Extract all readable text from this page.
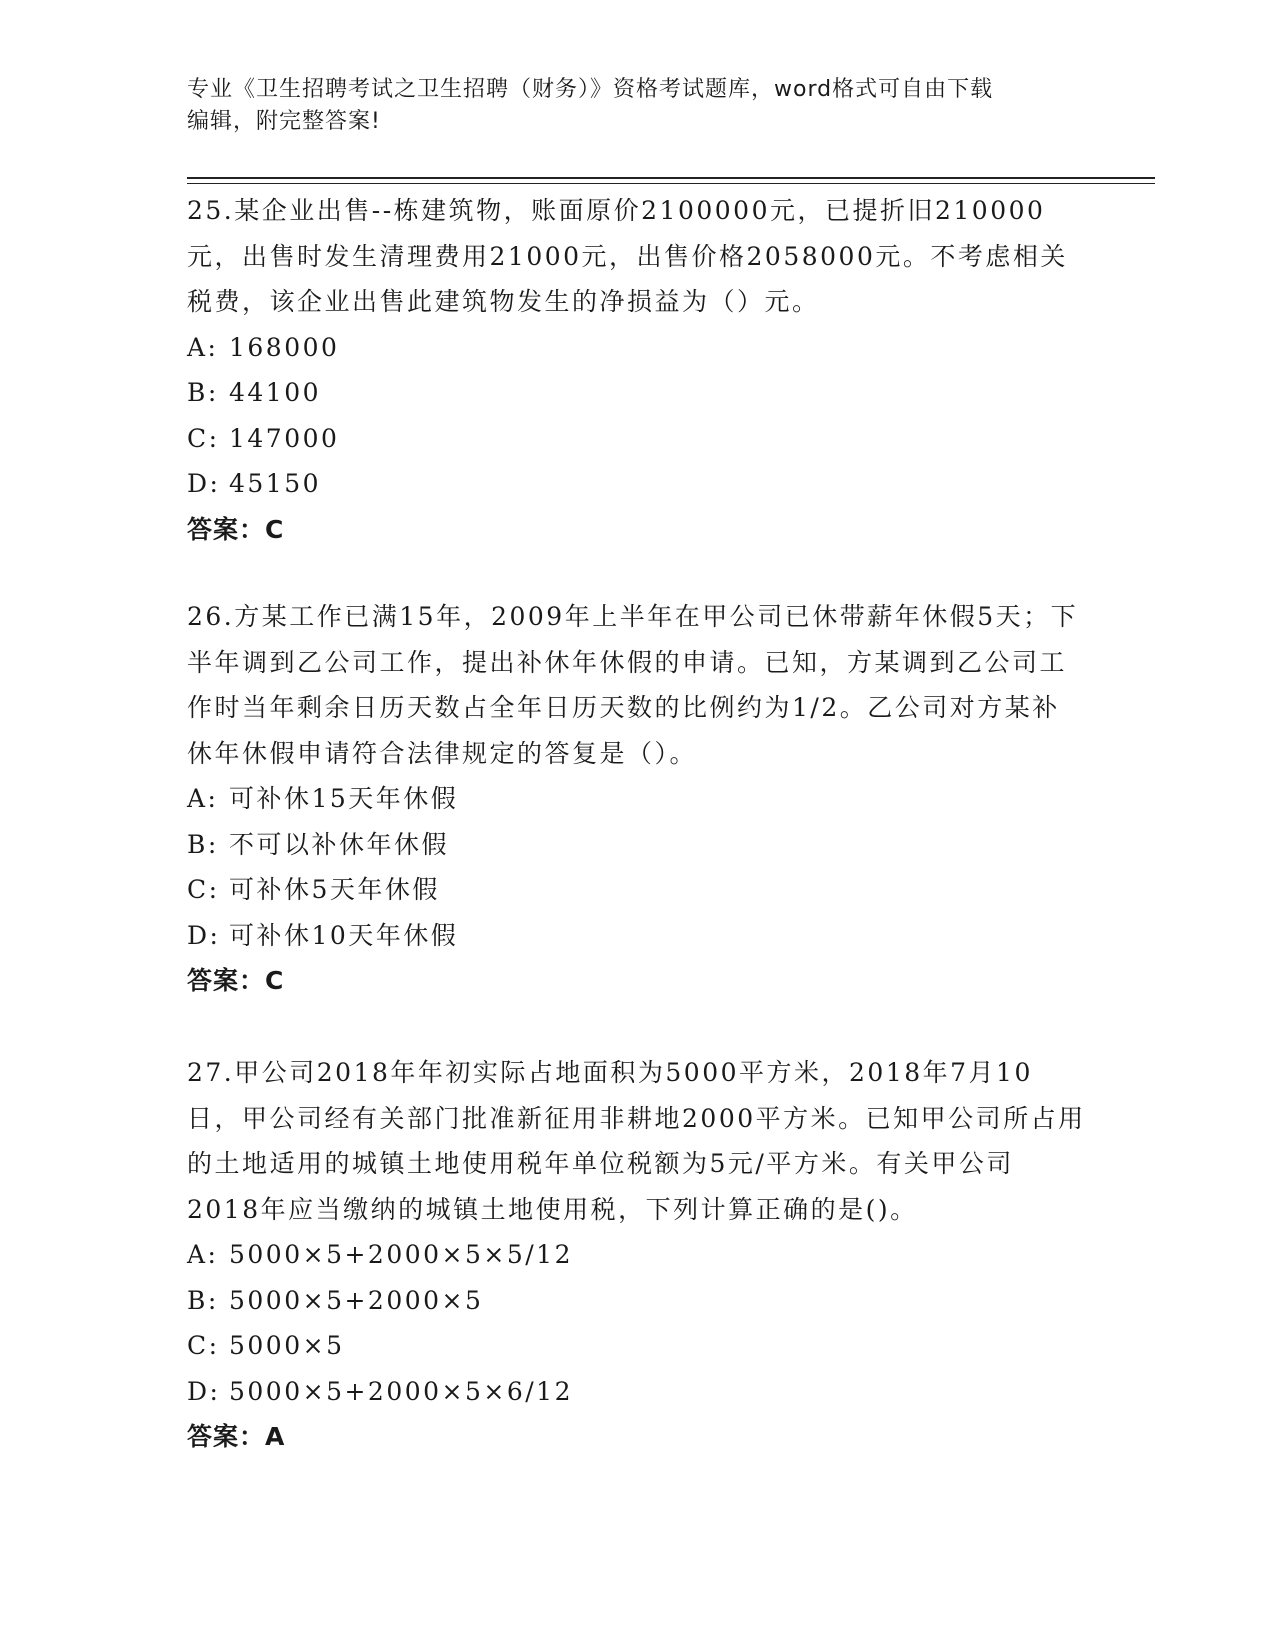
专业《卫生招聘考试之卫生招聘（财务）》资格考试题库，word格式可自由下载
编辑，附完整答案!

25.某企业出售--栋建筑物，账面原价2100000元，已提折旧210000元，出售时发生清理费用21000元，出售价格2058000元。不考虑相关税费，该企业出售此建筑物发生的净损益为（）元。

A: 168000

B: 44100

C: 147000

D: 45150

答案：C

26.方某工作已满15年，2009年上半年在甲公司已休带薪年休假5天；下半年调到乙公司工作，提出补休年休假的申请。已知，方某调到乙公司工作时当年剩余日历天数占全年日历天数的比例约为1/2。乙公司对方某补休年休假申请符合法律规定的答复是（）。

A: 可补休15天年休假

B: 不可以补休年休假

C: 可补休5天年休假

D: 可补休10天年休假

答案：C

27.甲公司2018年年初实际占地面积为5000平方米，2018年7月10日，甲公司经有关部门批准新征用非耕地2000平方米。已知甲公司所占用的土地适用的城镇土地使用税年单位税额为5元/平方米。有关甲公司2018年应当缴纳的城镇土地使用税，下列计算正确的是()。

A: 5000×5+2000×5×5/12

B: 5000×5+2000×5

C: 5000×5

D: 5000×5+2000×5×6/12

答案：A
